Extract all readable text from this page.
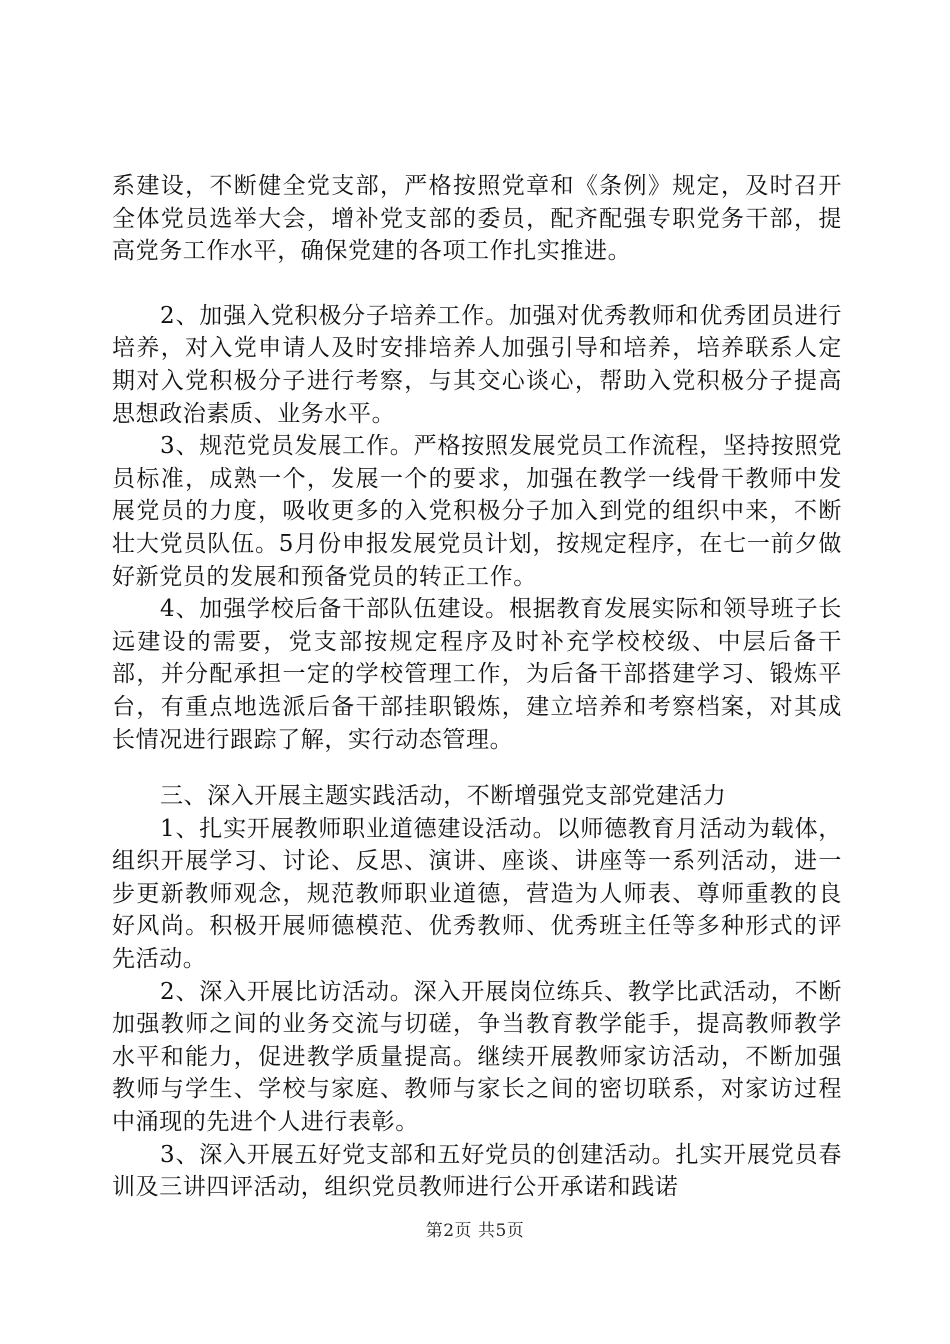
系建设，不断健全党支部，严格按照党章和《条例》规定，及时召开全体党员选举大会，增补党支部的委员，配齐配强专职党务干部，提高党务工作水平，确保党建的各项工作扎实推进。

2、加强入党积极分子培养工作。加强对优秀教师和优秀团员进行培养，对入党申请人及时安排培养人加强引导和培养，培养联系人定期对入党积极分子进行考察，与其交心谈心，帮助入党积极分子提高思想政治素质、业务水平。

3、规范党员发展工作。严格按照发展党员工作流程，坚持按照党员标准，成熟一个，发展一个的要求，加强在教学一线骨干教师中发展党员的力度，吸收更多的入党积极分子加入到党的组织中来，不断壮大党员队伍。5月份申报发展党员计划，按规定程序，在七一前夕做好新党员的发展和预备党员的转正工作。

4、加强学校后备干部队伍建设。根据教育发展实际和领导班子长远建设的需要，党支部按规定程序及时补充学校校级、中层后备干部，并分配承担一定的学校管理工作，为后备干部搭建学习、锻炼平台，有重点地选派后备干部挂职锻炼，建立培养和考察档案，对其成长情况进行跟踪了解，实行动态管理。

三、深入开展主题实践活动，不断增强党支部党建活力

1、扎实开展教师职业道德建设活动。以师德教育月活动为载体，组织开展学习、讨论、反思、演讲、座谈、讲座等一系列活动，进一步更新教师观念，规范教师职业道德，营造为人师表、尊师重教的良好风尚。积极开展师德模范、优秀教师、优秀班主任等多种形式的评先活动。

2、深入开展比访活动。深入开展岗位练兵、教学比武活动，不断加强教师之间的业务交流与切磋，争当教育教学能手，提高教师教学水平和能力，促进教学质量提高。继续开展教师家访活动，不断加强教师与学生、学校与家庭、教师与家长之间的密切联系，对家访过程中涌现的先进个人进行表彰。

3、深入开展五好党支部和五好党员的创建活动。扎实开展党员春训及三讲四评活动，组织党员教师进行公开承诺和践诺

第2页 共5页
